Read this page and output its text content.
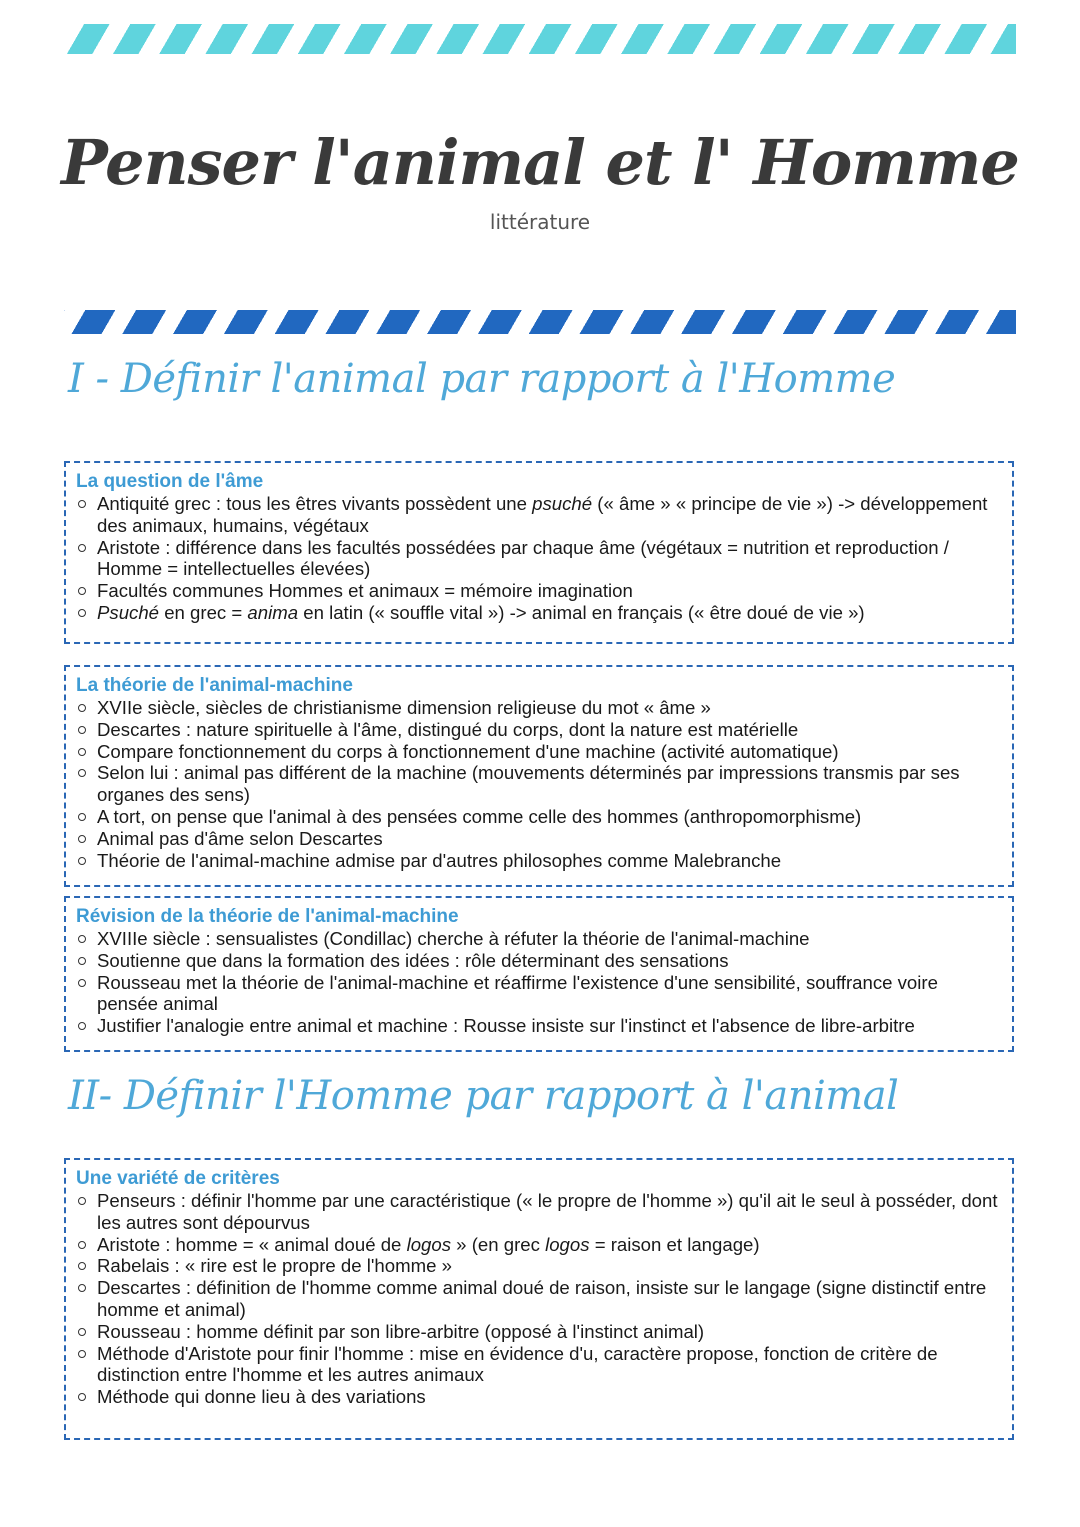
Penser l'animal et l' Homme
littérature
I - Définir l'animal par rapport à l'Homme
La question de l'âme
Antiquité grec : tous les êtres vivants possèdent une psuché (« âme » « principe de vie ») -> développement des animaux, humains, végétaux
Aristote : différence dans les facultés possédées par chaque âme (végétaux = nutrition et reproduction / Homme = intellectuelles élevées)
Facultés communes Hommes et animaux = mémoire imagination
Psuché en grec = anima en latin (« souffle vital ») -> animal en français (« être doué de vie »)
La théorie de l'animal-machine
XVIIe siècle, siècles de christianisme dimension religieuse du mot « âme »
Descartes : nature spirituelle à l'âme, distingué du corps, dont la nature est matérielle
Compare fonctionnement du corps à fonctionnement d'une machine (activité automatique)
Selon lui : animal pas différent de la machine (mouvements déterminés par impressions transmis par ses organes des sens)
A tort, on pense que l'animal à des pensées comme celle des hommes (anthropomorphisme)
Animal pas d'âme selon Descartes
Théorie de l'animal-machine admise par d'autres philosophes comme Malebranche
Révision de la théorie de l'animal-machine
XVIIIe siècle : sensualistes (Condillac) cherche à réfuter la théorie de l'animal-machine
Soutienne que dans la formation des idées : rôle déterminant des sensations
Rousseau met la théorie de l'animal-machine et réaffirme l'existence d'une sensibilité, souffrance voire pensée animal
Justifier l'analogie entre animal et machine : Rousse insiste sur l'instinct et l'absence de libre-arbitre
II- Définir l'Homme par rapport à l'animal
Une variété de critères
Penseurs : définir l'homme par une caractéristique (« le propre de l'homme ») qu'il ait le seul à posséder, dont les autres sont dépourvus
Aristote : homme = « animal doué de logos » (en grec logos = raison et langage)
Rabelais : « rire est le propre de l'homme »
Descartes : définition de l'homme comme animal doué de raison, insiste sur le langage (signe distinctif entre homme et animal)
Rousseau : homme définit par son libre-arbitre (opposé à l'instinct animal)
Méthode d'Aristote pour finir l'homme : mise en évidence d'u, caractère propose, fonction de critère de distinction entre l'homme et les autres animaux
Méthode qui donne lieu à des variations
